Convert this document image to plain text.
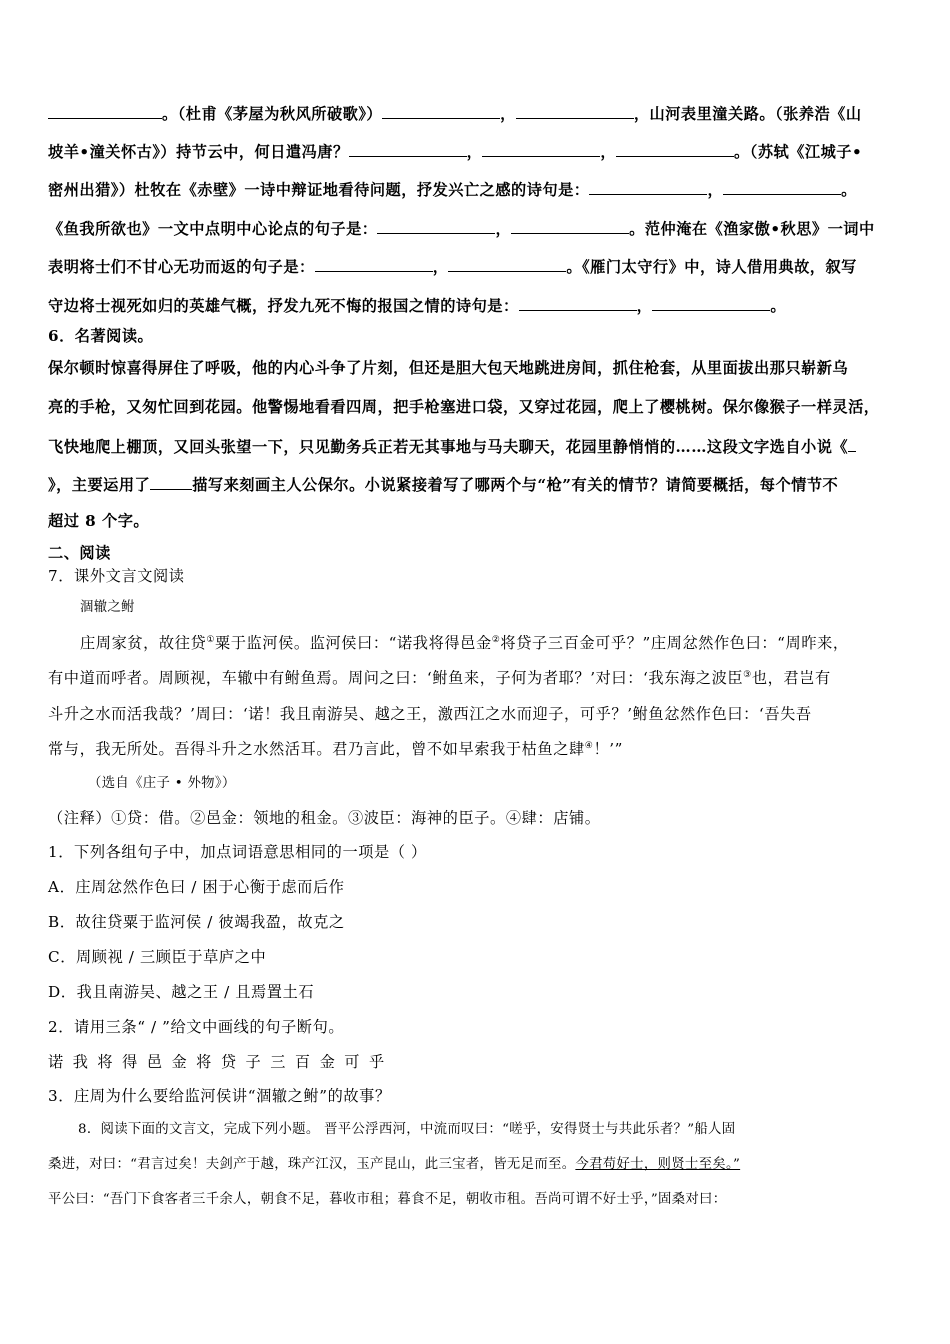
。（杜甫《茅屋为秋风所破歌》）	，	，山河表里潼关路。（张养浩《山
坡羊•潼关怀古》）持节云中，何日遣冯唐？	，	，	。（苏轼《江城子•
密州出猎》）杜牧在《赤壁》一诗中辩证地看待问题，抒发兴亡之感的诗句是：	，	。
《鱼我所欲也》一文中点明中心论点的句子是：	，	。范仲淹在《渔家傲•秋思》一词中
表明将士们不甘心无功而返的句子是：	，	。《雁门太守行》中，诗人借用典故，叙写
守边将士视死如归的英雄气概，抒发九死不悔的报国之情的诗句是：	，	。
6．名著阅读。
保尔顿时惊喜得屏住了呼吸，他的内心斗争了片刻，但还是胆大包天地跳进房间，抓住枪套，从里面拔出那只崭新乌
亮的手枪，又匆忙回到花园。他警惕地看看四周，把手枪塞进口袋，又穿过花园，爬上了樱桃树。保尔像猴子一样灵活，
飞快地爬上棚顶，又回头张望一下，只见勤务兵正若无其事地与马夫聊天，花园里静悄悄的……这段文字选自小说《
》，主要运用了	描写来刻画主人公保尔。小说紧接着写了哪两个与“枪”有关的情节？请简要概括，每个情节不
超过 8 个字。
二、阅读
7．课外文言文阅读
涸辙之鲋
庄周家贫，故往贷①粟于监河侯。监河侯曰：“诺我将得邑金②将贷子三百金可乎？”庄周忿然作色曰：“周昨来，
有中道而呼者。周顾视，车辙中有鲋鱼焉。周问之曰：‘鲋鱼来，子何为者耶？’对曰：‘我东海之波臣③也，君岂有
斗升之水而活我哉？’周曰：‘诺！我且南游吴、越之王，激西江之水而迎子，可乎？’鲋鱼忿然作色曰：‘吾失吾
常与，我无所处。吾得斗升之水然活耳。君乃言此，曾不如早索我于枯鱼之肆④！’”
（选自《庄子 • 外物》）
（注释）①贷：借。②邑金：领地的租金。③波臣：海神的臣子。④肆：店铺。
1．下列各组句子中，加点词语意思相同的一项是（ ）
A．庄周忿然作色曰 / 困于心衡于虑而后作
B．故往贷粟于监河侯 / 彼竭我盈，故克之
C．周顾视 / 三顾臣于草庐之中
D．我且南游吴、越之王 / 且焉置土石
2．请用三条“ / ”给文中画线的句子断句。
诺我将得邑金将贷子三百金可乎
3．庄周为什么要给监河侯讲“涸辙之鲋”的故事？
8．阅读下面的文言文，完成下列小题。 晋平公浮西河，中流而叹曰：“嗟乎，安得贤士与共此乐者？”船人固
桑进，对曰：“君言过矣！夫剑产于越，珠产江汉，玉产昆山，此三宝者，皆无足而至。今君苟好士，则贤士至矣。”
平公曰：“吾门下食客者三千余人，朝食不足，暮收市租；暮食不足，朝收市租。吾尚可谓不好士乎，”固桑对曰：
